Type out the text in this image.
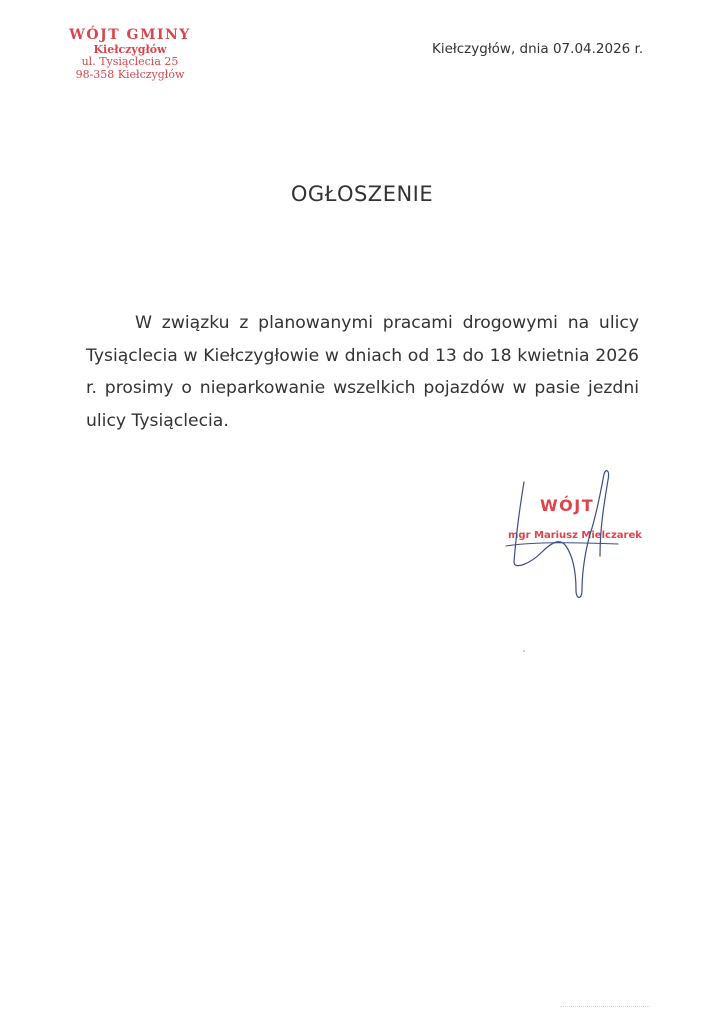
WÓJT GMINY
Kiełczygłów
ul. Tysiąclecia 25
98-358 Kiełczygłów
Kiełczygłów, dnia 07.04.2026 r.
OGŁOSZENIE

W związku z planowanymi pracami drogowymi na ulicy Tysiąclecia w Kiełczygłowie w dniach od 13 do 18 kwietnia 2026 r. prosimy o nieparkowanie wszelkich pojazdów w pasie jezdni ulicy Tysiąclecia.

WÓJT
mgr Mariusz Mielczarek
